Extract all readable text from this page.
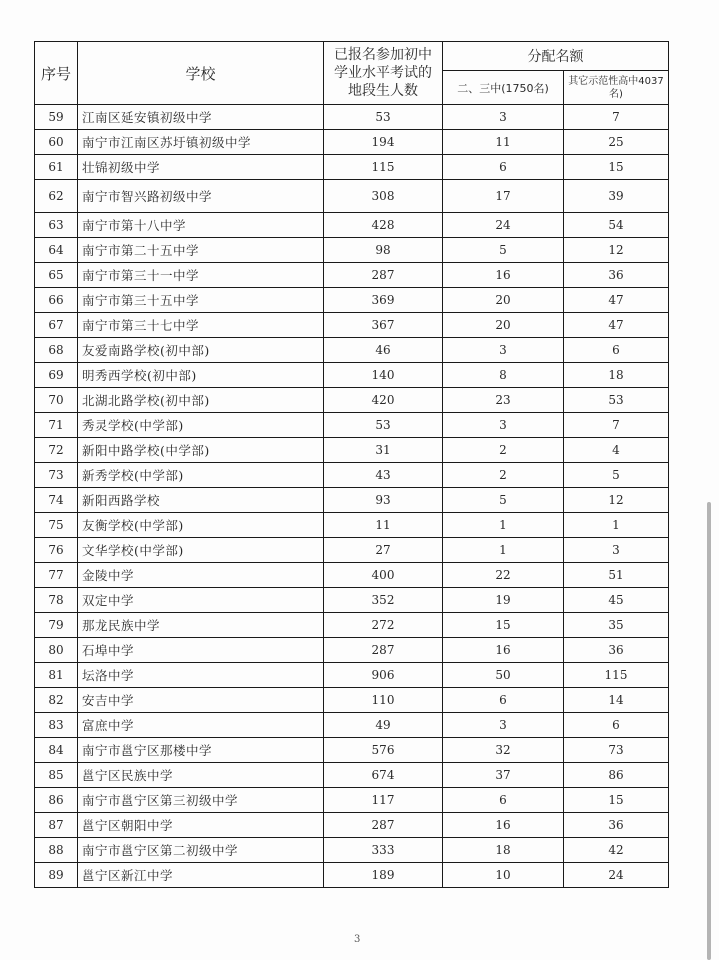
序号	学校	已报名参加初中
学业水平考试的
地段生人数	分配名额	
			二、三中(1750名)	其它示范性高中4037名)
59	江南区延安镇初级中学	53	3	7
60	南宁市江南区苏圩镇初级中学	194	11	25
61	壮锦初级中学	115	6	15
62	南宁市智兴路初级中学	308	17	39
63	南宁市第十八中学	428	24	54
64	南宁市第二十五中学	98	5	12
65	南宁市第三十一中学	287	16	36
66	南宁市第三十五中学	369	20	47
67	南宁市第三十七中学	367	20	47
68	友爱南路学校(初中部)	46	3	6
69	明秀西学校(初中部)	140	8	18
70	北湖北路学校(初中部)	420	23	53
71	秀灵学校(中学部)	53	3	7
72	新阳中路学校(中学部)	31	2	4
73	新秀学校(中学部)	43	2	5
74	新阳西路学校	93	5	12
75	友衡学校(中学部)	11	1	1
76	文华学校(中学部)	27	1	3
77	金陵中学	400	22	51
78	双定中学	352	19	45
79	那龙民族中学	272	15	35
80	石埠中学	287	16	36
81	坛洛中学	906	50	115
82	安吉中学	110	6	14
83	富庶中学	49	3	6
84	南宁市邕宁区那楼中学	576	32	73
85	邕宁区民族中学	674	37	86
86	南宁市邕宁区第三初级中学	117	6	15
87	邕宁区朝阳中学	287	16	36
88	南宁市邕宁区第二初级中学	333	18	42
89	邕宁区新江中学	189	10	24
3
